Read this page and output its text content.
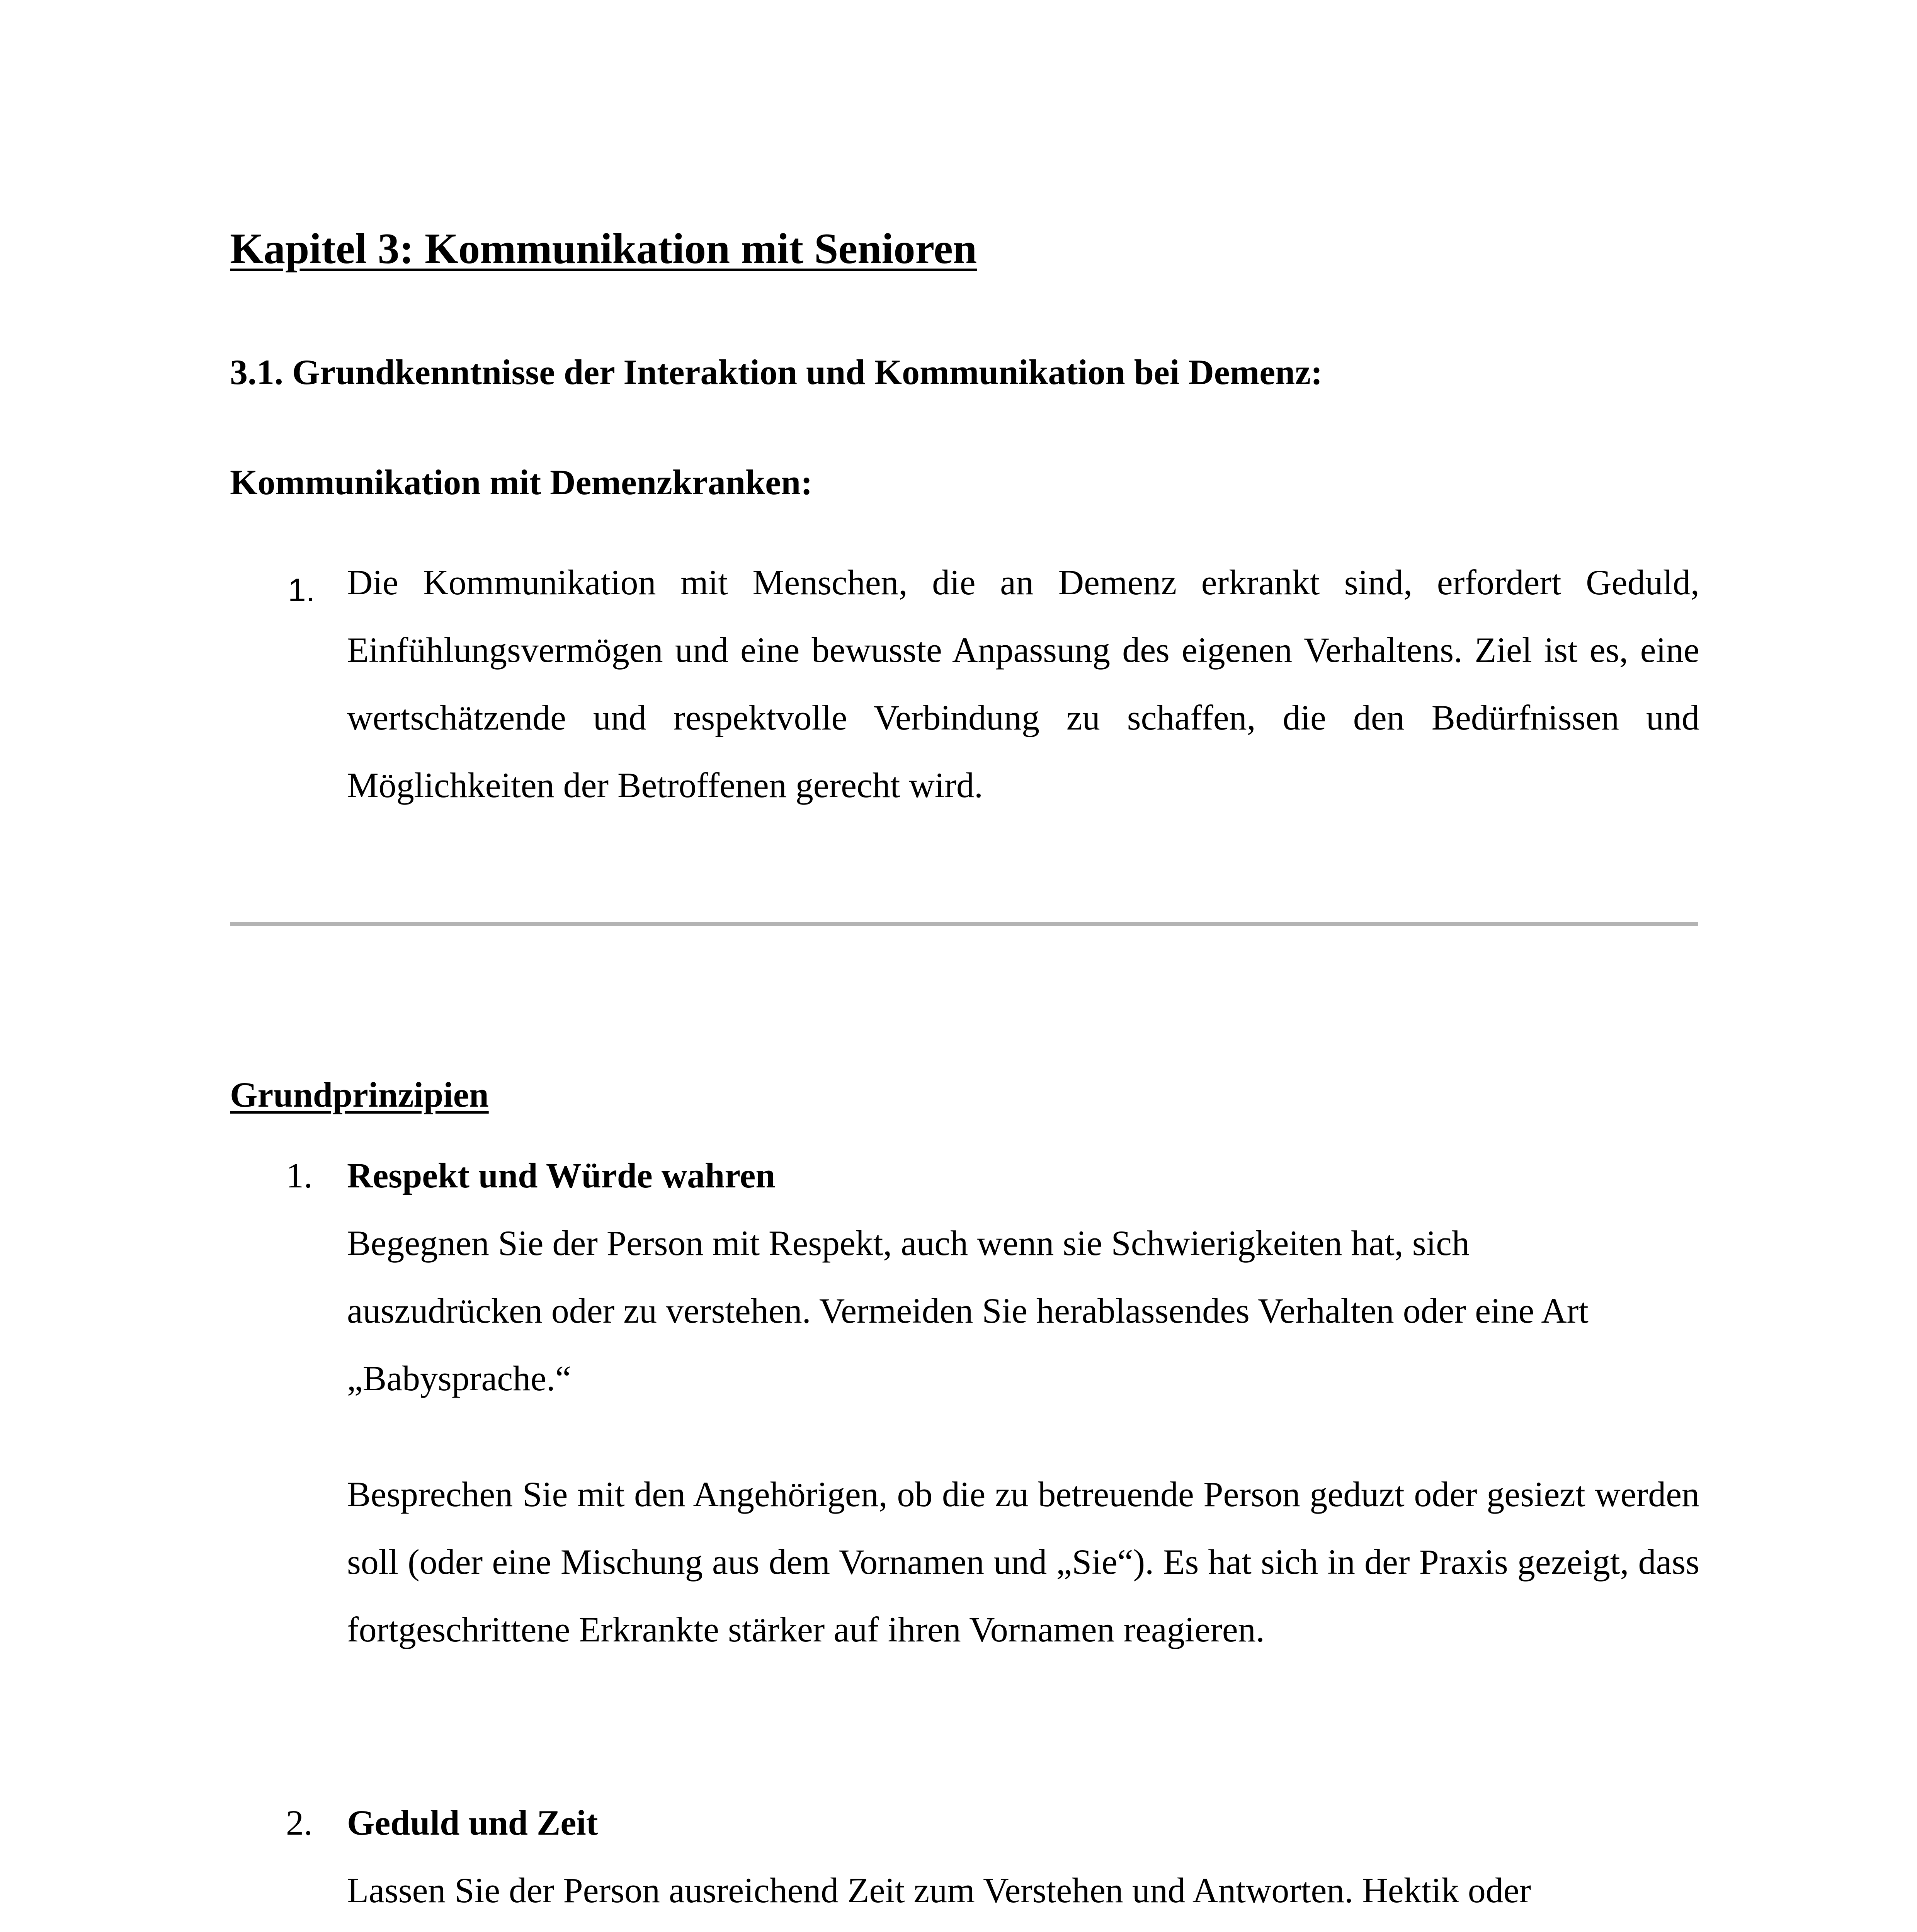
Kapitel 3: Kommunikation mit Senioren
3.1. Grundkenntnisse der Interaktion und Kommunikation bei Demenz:
Kommunikation mit Demenzkranken:
1. Die Kommunikation mit Menschen, die an Demenz erkrankt sind, erfordert Geduld, Einfühlungsvermögen und eine bewusste Anpassung des eigenen Verhaltens. Ziel ist es, eine wertschätzende und respektvolle Verbindung zu schaffen, die den Bedürfnissen und Möglichkeiten der Betroffenen gerecht wird.
Grundprinzipien
1. Respekt und Würde wahren
Begegnen Sie der Person mit Respekt, auch wenn sie Schwierigkeiten hat, sich auszudrücken oder zu verstehen. Vermeiden Sie herablassendes Verhalten oder eine Art „Babysprache.“
Besprechen Sie mit den Angehörigen, ob die zu betreuende Person geduzt oder gesiezt werden soll (oder eine Mischung aus dem Vornamen und „Sie“). Es hat sich in der Praxis gezeigt, dass fortgeschrittene Erkrankte stärker auf ihren Vornamen reagieren.
2. Geduld und Zeit
Lassen Sie der Person ausreichend Zeit zum Verstehen und Antworten. Hektik oder
